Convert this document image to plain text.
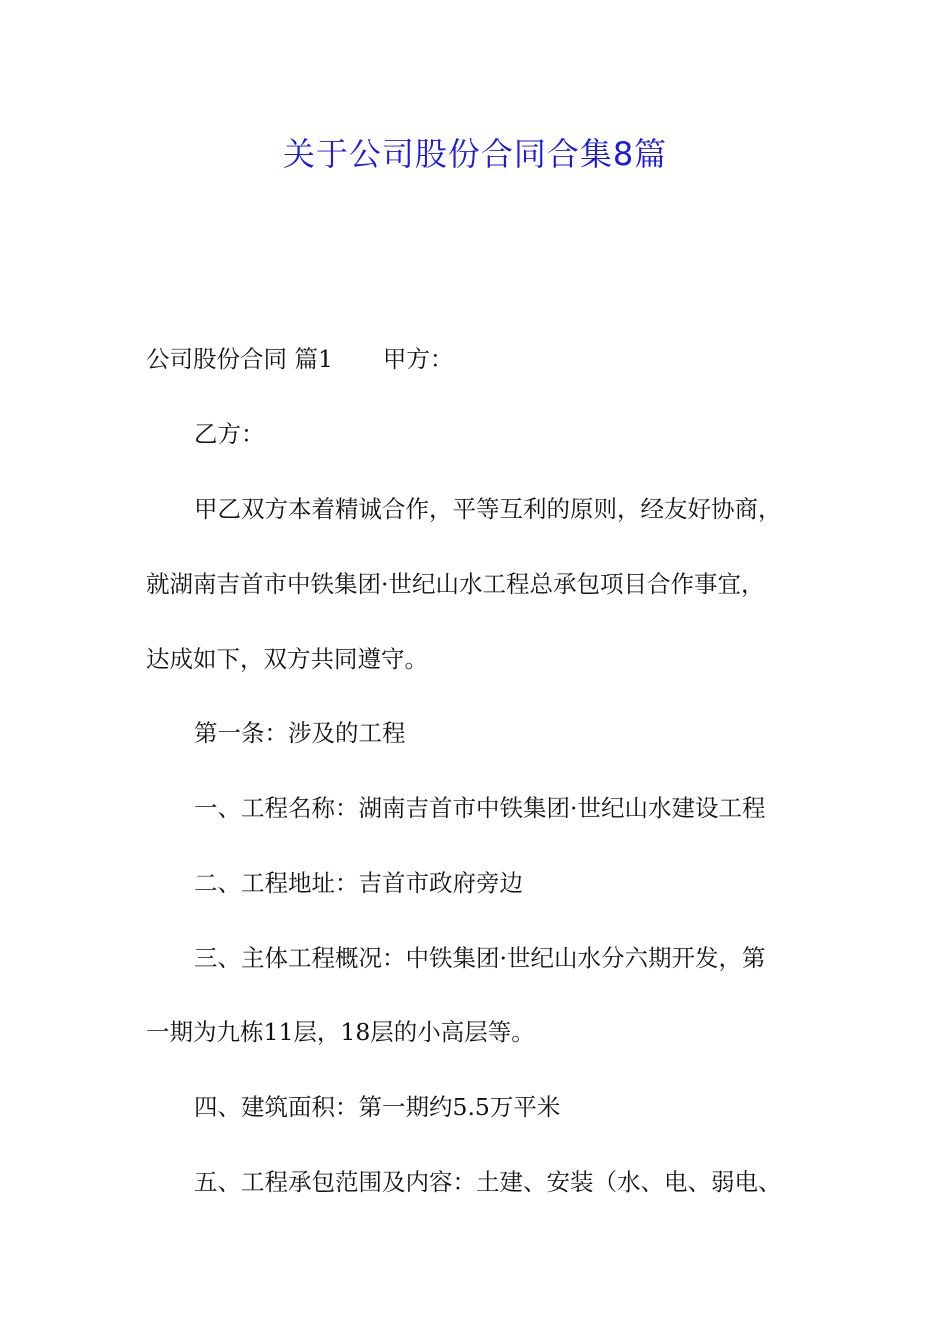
关于公司股份合同合集8篇

公司股份合同 篇1 甲方：

乙方：

甲乙双方本着精诚合作，平等互利的原则，经友好协商，

就湖南吉首市中铁集团·世纪山水工程总承包项目合作事宜，

达成如下，双方共同遵守。

第一条：涉及的工程

一、工程名称：湖南吉首市中铁集团·世纪山水建设工程

二、工程地址：吉首市政府旁边

三、主体工程概况：中铁集团·世纪山水分六期开发，第

一期为九栋11层，18层的小高层等。

四、建筑面积：第一期约5.5万平米

五、工程承包范围及内容：土建、安装（水、电、弱电、
